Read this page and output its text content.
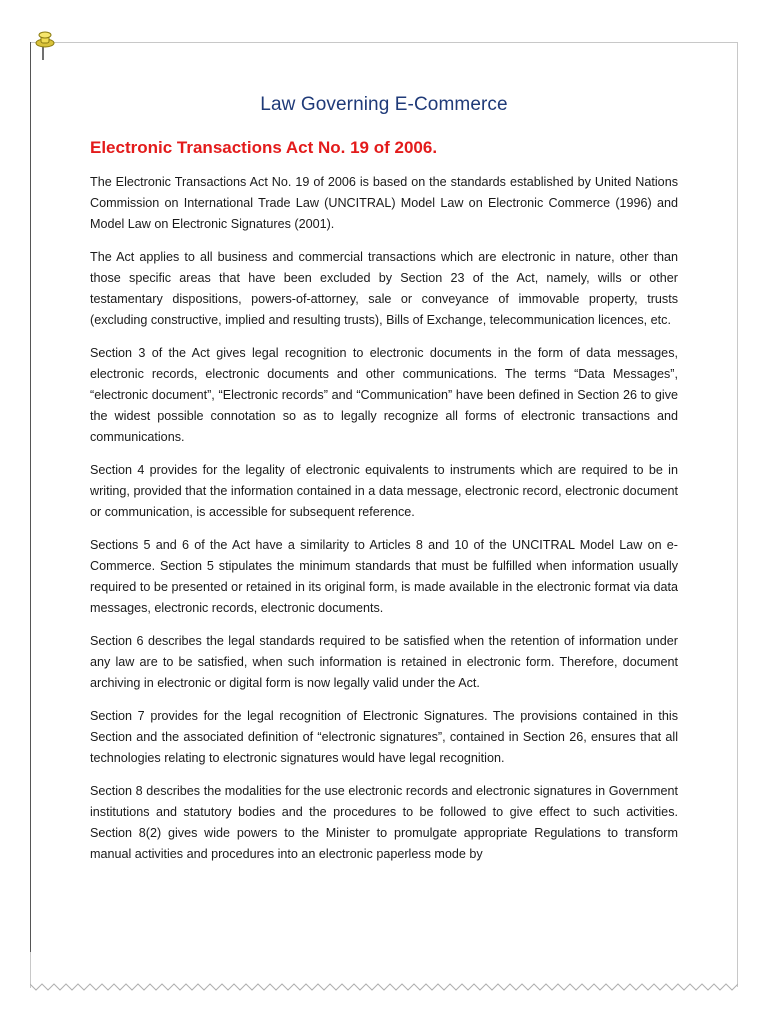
Law Governing E-Commerce
Electronic Transactions Act No. 19 of 2006.

The Electronic Transactions Act No. 19 of 2006 is based on the standards established by United Nations Commission on International Trade Law (UNCITRAL) Model Law on Electronic Commerce (1996) and Model Law on Electronic Signatures (2001).

The Act applies to all business and commercial transactions which are electronic in nature, other than those specific areas that have been excluded by Section 23 of the Act, namely, wills or other testamentary dispositions, powers-of-attorney, sale or conveyance of immovable property, trusts (excluding constructive, implied and resulting trusts), Bills of Exchange, telecommunication licences, etc.

Section 3 of the Act gives legal recognition to electronic documents in the form of data messages, electronic records, electronic documents and other communications. The terms “Data Messages”, “electronic document”, “Electronic records” and “Communication” have been defined in Section 26 to give the widest possible connotation so as to legally recognize all forms of electronic transactions and communications.

Section 4 provides for the legality of electronic equivalents to instruments which are required to be in writing, provided that the information contained in a data message, electronic record, electronic document or communication, is accessible for subsequent reference.

Sections 5 and 6 of the Act have a similarity to Articles 8 and 10 of the UNCITRAL Model Law on e-Commerce. Section 5 stipulates the minimum standards that must be fulfilled when information usually required to be presented or retained in its original form, is made available in the electronic format via data messages, electronic records, electronic documents.

Section 6 describes the legal standards required to be satisfied when the retention of information under any law are to be satisfied, when such information is retained in electronic form. Therefore, document archiving in electronic or digital form is now legally valid under the Act.

Section 7 provides for the legal recognition of Electronic Signatures. The provisions contained in this Section and the associated definition of “electronic signatures”, contained in Section 26, ensures that all technologies relating to electronic signatures would have legal recognition.

Section 8 describes the modalities for the use electronic records and electronic signatures in Government institutions and statutory bodies and the procedures to be followed to give effect to such activities. Section 8(2) gives wide powers to the Minister to promulgate appropriate Regulations to transform manual activities and procedures into an electronic paperless mode by
